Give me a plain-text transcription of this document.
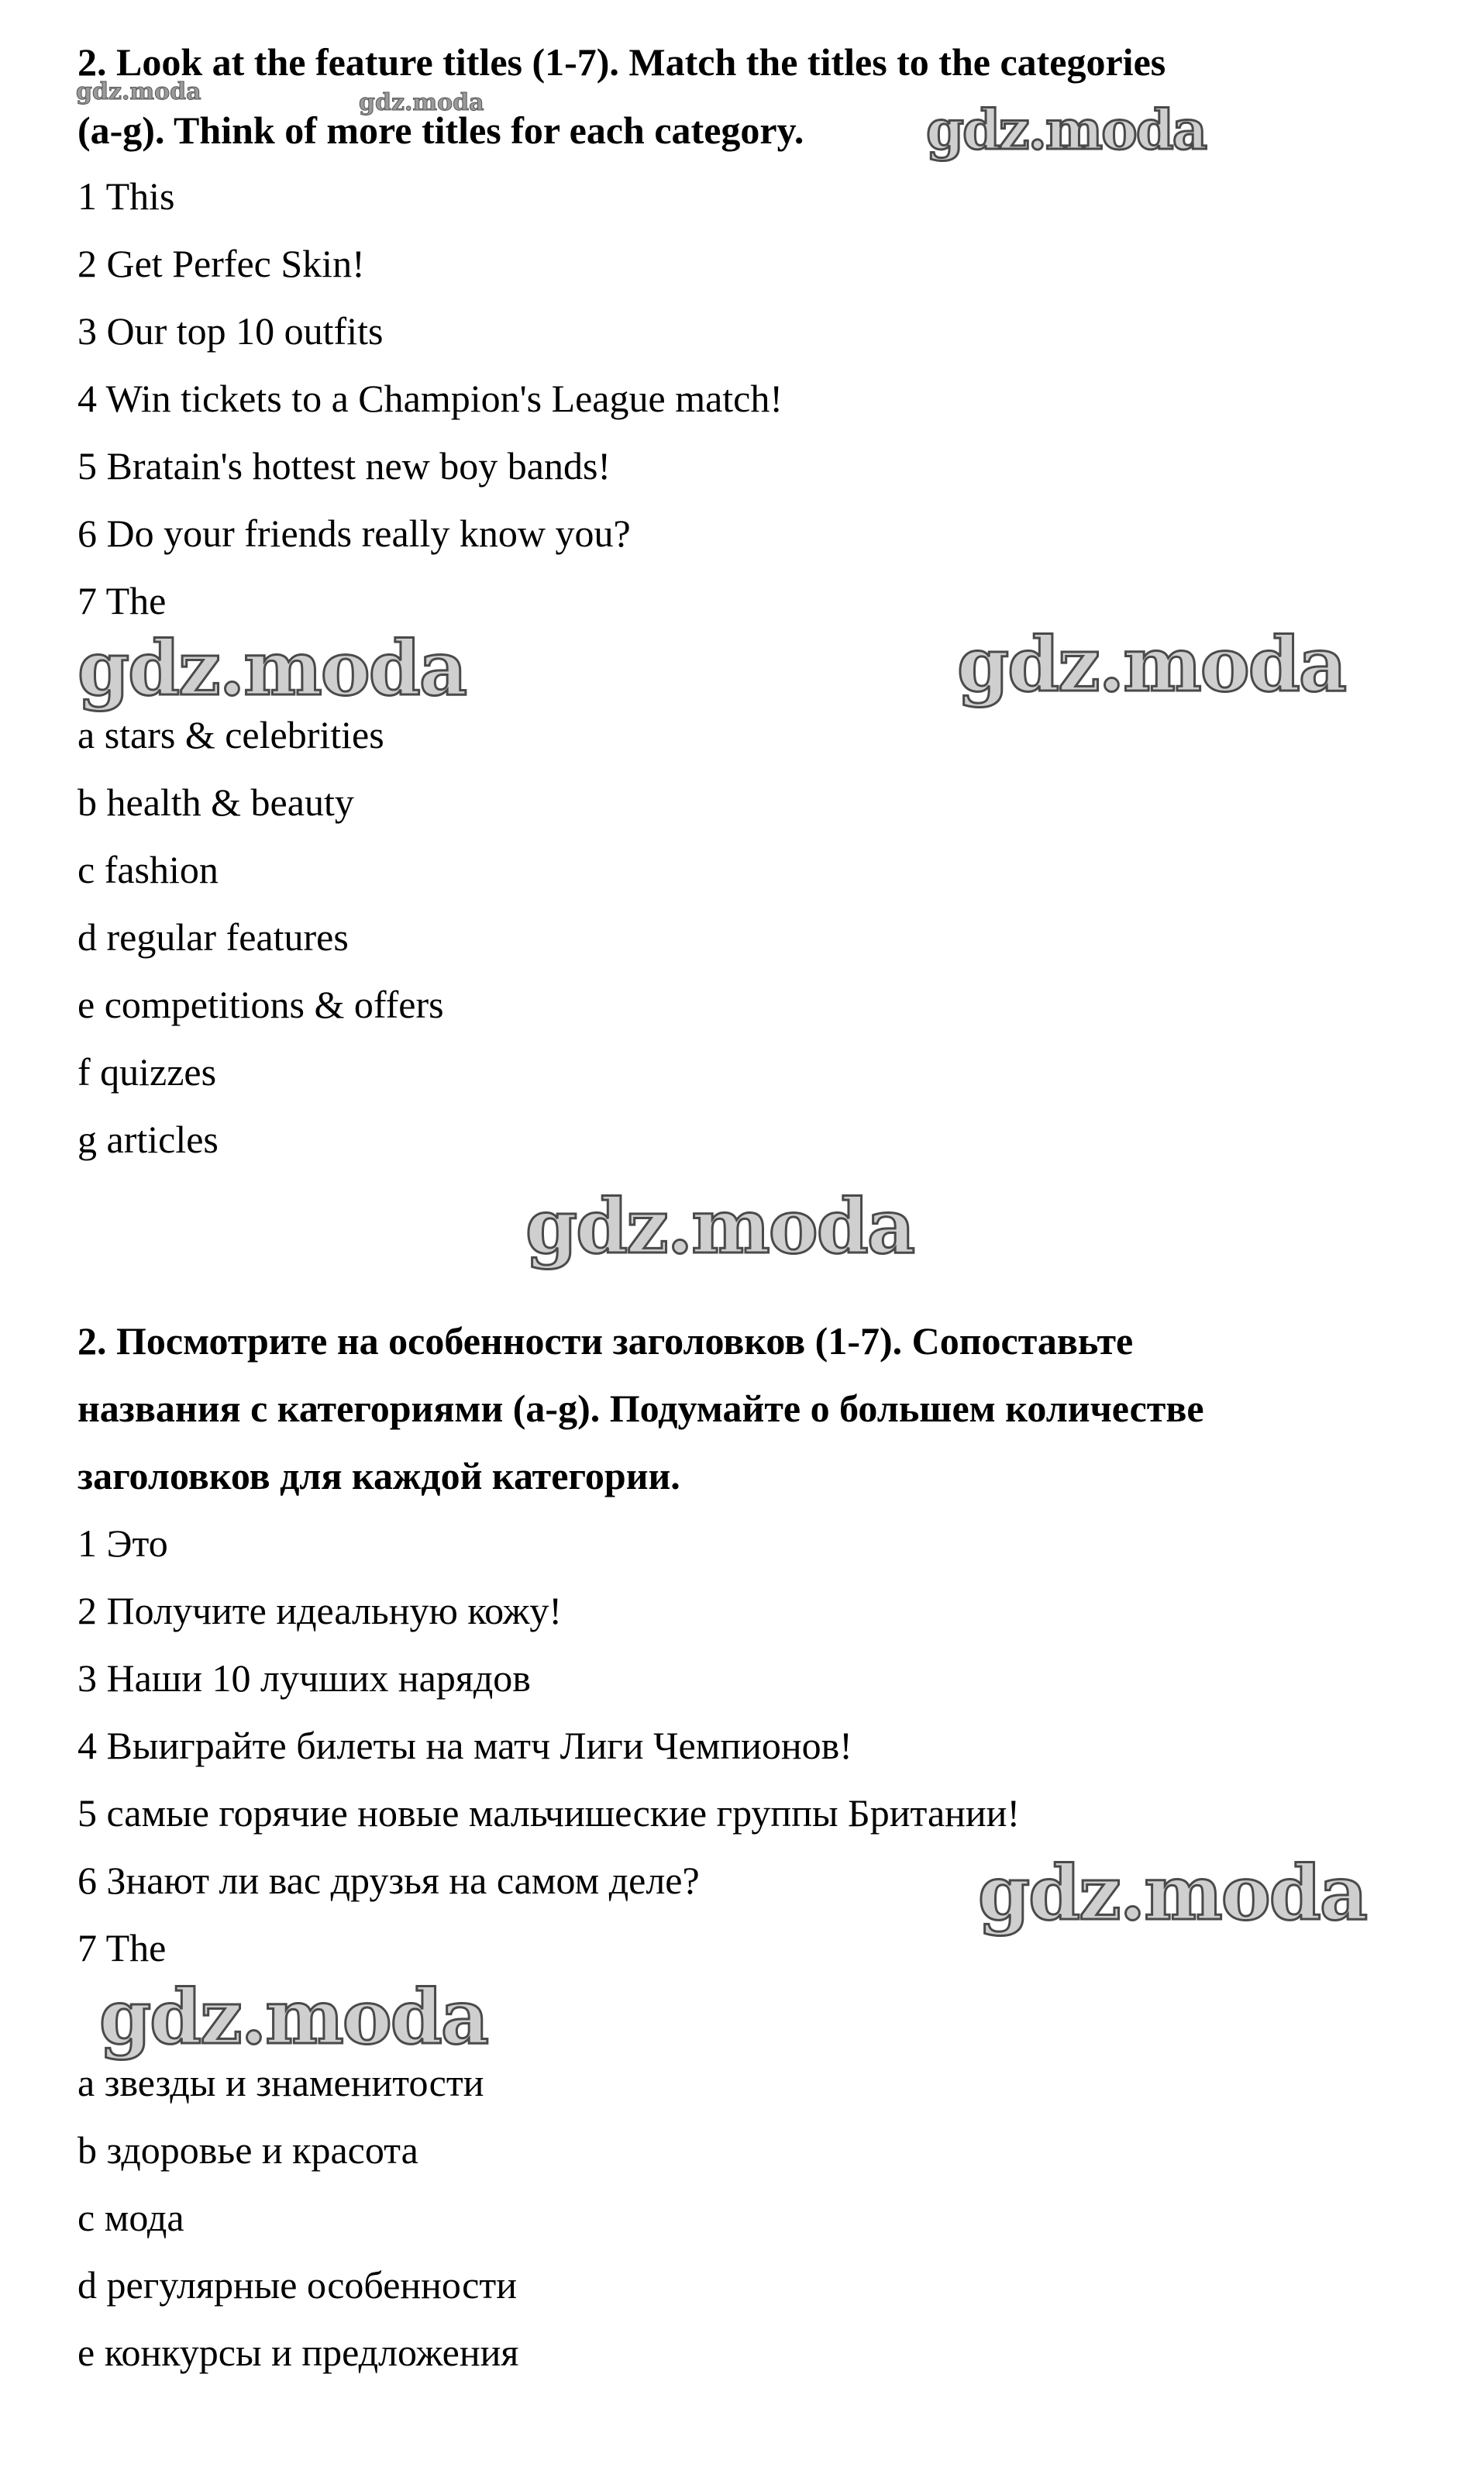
2. Look at the feature titles (1-7). Match the titles to the categories
(a-g). Think of more titles for each category.
1 This
2 Get Perfec Skin!
3 Our top 10 outfits
4 Win tickets to a Champion's League match!
5 Bratain's hottest new boy bands!
6 Do your friends really know you?
7 The
a stars & celebrities
b health & beauty
c fashion
d regular features
e competitions & offers
f quizzes
g articles
2. Посмотрите на особенности заголовков (1-7). Сопоставьте
названия с категориями (a-g). Подумайте о большем количестве
заголовков для каждой категории.
1 Это
2 Получите идеальную кожу!
3 Наши 10 лучших нарядов
4 Выиграйте билеты на матч Лиги Чемпионов!
5 самые горячие новые мальчишеские группы Британии!
6 Знают ли вас друзья на самом деле?
7 The
a звезды и знаменитости
b здоровье и красота
c мода
d регулярные особенности
e конкурсы и предложения
gdz.moda	gdz.moda	gdz.moda
gdz.moda	gdz.moda
gdz.moda
gdz.moda
gdz.moda
